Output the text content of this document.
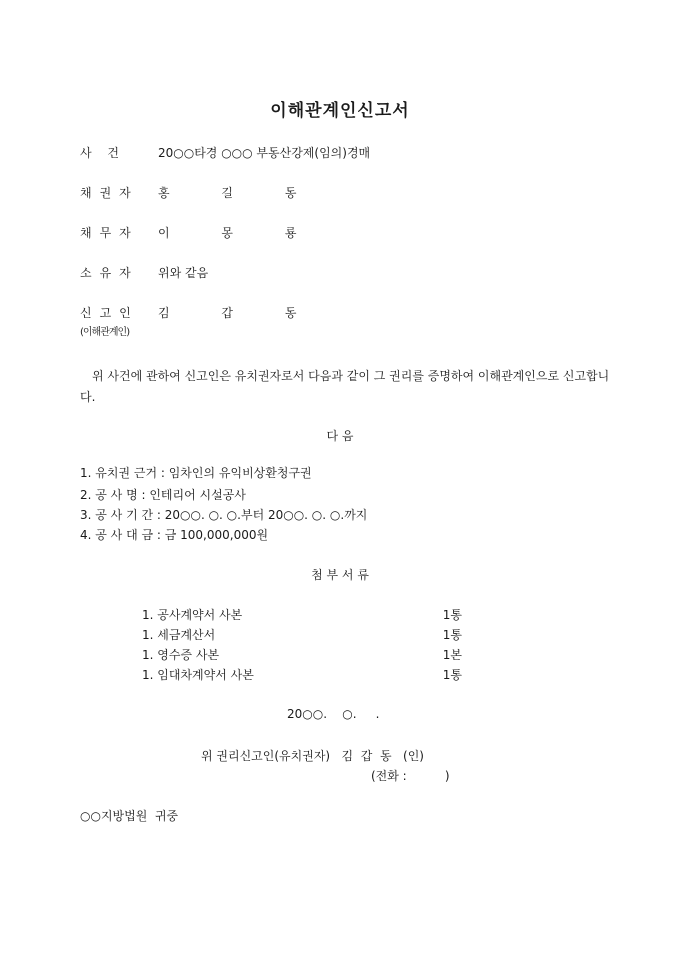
이해관계인신고서
사 건	20○○타경 ○○○ 부동산강제(임의)경매
채권자 홍 길 동
채무자 이 몽 룡
소유자 위와 같음
신고인 김 갑 동
(이해관계인)
위 사건에 관하여 신고인은 유치권자로서 다음과 같이 그 권리를 증명하여 이해관계인으로 신고합니다.
다 음
1. 유치권 근거 : 임차인의 유익비상환청구권
2. 공 사 명 : 인테리어 시설공사
3. 공 사 기 간 : 20○○. ○. ○.부터 20○○. ○. ○.까지
4. 공 사 대 금 : 금 100,000,000원
첨 부 서 류
1. 공사계약서 사본	1통
1. 세금계산서	1통
1. 영수증 사본	1본
1. 임대차계약서 사본	1통
20○○.    ○.     .
위 권리신고인(유치권자)   김  갑  동   (인)
(전화 :          )
○○지방법원  귀중
